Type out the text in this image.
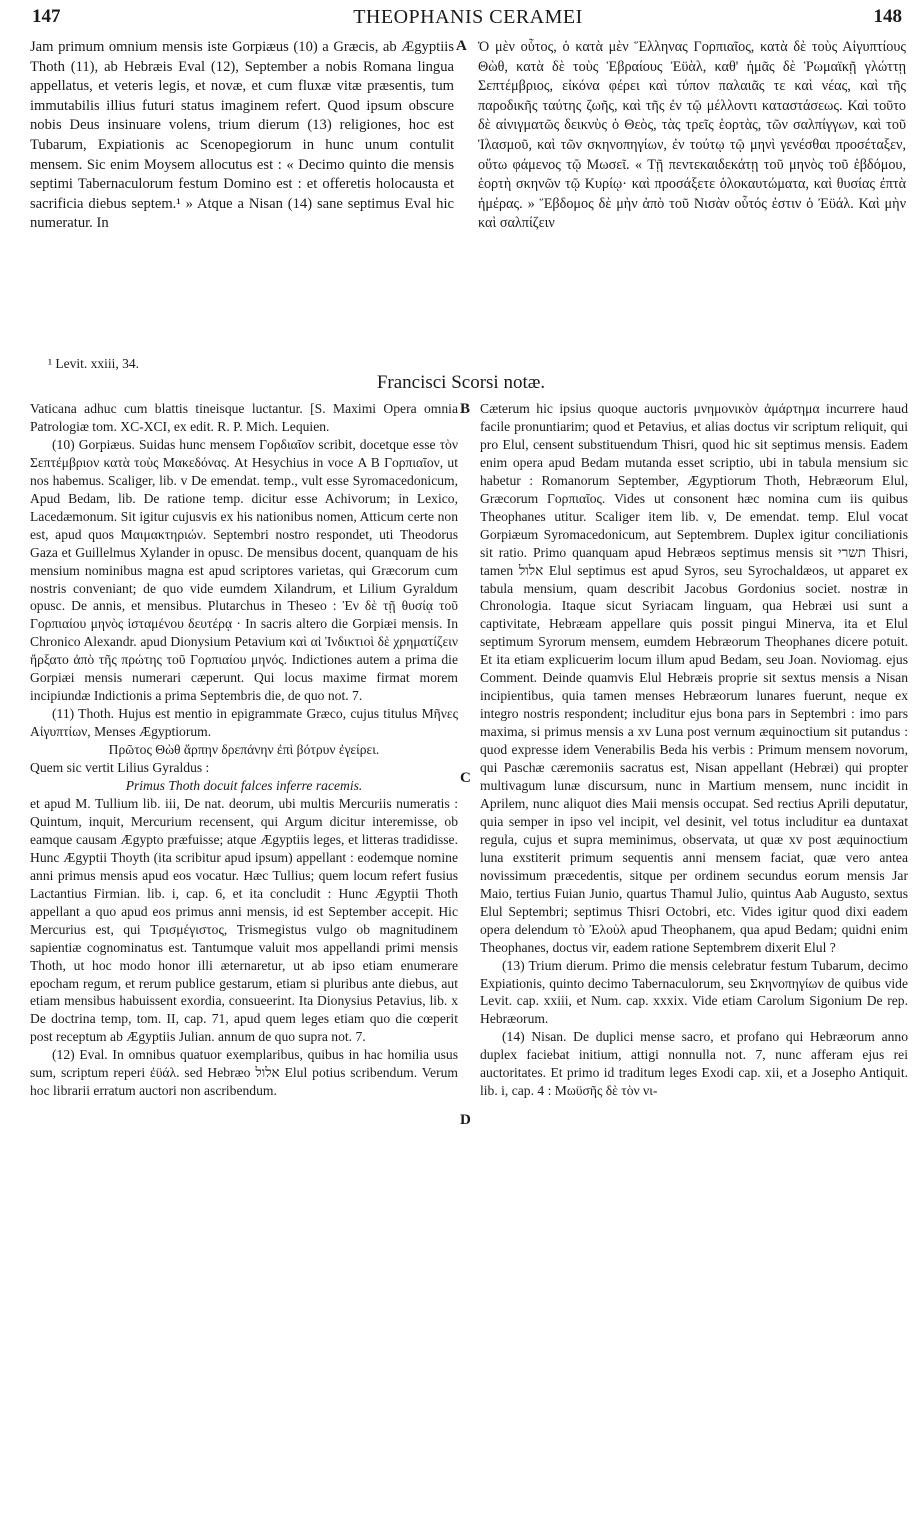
147	THEOPHANIS CERAMEI	148

Jam primum omnium mensis iste Gorpiæus (10) a Græcis, ab Ægyptiis Thoth (11), ab Hebræis Eval (12), September a nobis Romana lingua appellatus, et veteris legis, et novæ, et cum fluxæ vitæ præsentis, tum immutabilis illius futuri status imaginem refert. Quod ipsum obscure nobis Deus insinuare volens, trium dierum (13) religiones, hoc est Tubarum, Expiationis ac Scenopegiorum in hunc unum contulit mensem. Sic enim Moysem allocutus est : « Decimo quinto die mensis septimi Tabernaculorum festum Domino est : et offeretis holocausta et sacrificia diebus septem.¹ » Atque a Nisan (14) sane septimus Eval hic numeratur. In

A Ὁ μὲν οὗτος, ὁ κατὰ μὲν Ἕλληνας Γορπιαῖος, κατὰ δὲ τοὺς Αἰγυπτίους Θὼθ, κατὰ δὲ τοὺς Ἑβραίους Ἐϋὰλ, καθ' ἡμᾶς δὲ Ῥωμαϊκῇ γλώττῃ Σεπτέμβριος, εἰκόνα φέρει καὶ τύπον παλαιᾶς τε καὶ νέας, καὶ τῆς παροδικῆς ταύτης ζωῆς, καὶ τῆς ἐν τῷ μέλλοντι καταστάσεως. Καὶ τοῦτο δὲ αἰνιγματῶς δεικνὺς ὁ Θεὸς, τὰς τρεῖς ἑορτὰς, τῶν σαλπίγγων, καὶ τοῦ Ἱλασμοῦ, καὶ τῶν σκηνοπηγίων, ἐν τούτῳ τῷ μηνὶ γενέσθαι προσέταξεν, οὕτω φάμενος τῷ Μωσεῖ. « Τῇ πεντεκαιδεκάτῃ τοῦ μηνὸς τοῦ ἑβδόμου, ἑορτὴ σκηνῶν τῷ Κυρίῳ· καὶ προσάξετε ὁλοκαυτώματα, καὶ θυσίας ἐπτὰ ἡμέρας. » Ἕβδομος δὲ μὴν ἀπὸ τοῦ Νισὰν οὗτός ἐστιν ὁ Ἐϋάλ. Καὶ μὴν καὶ σαλπίζειν

¹ Levit. xxiii, 34.
Francisci Scorsi notæ.

Vaticana adhuc cum blattis tineisque luctantur. [S. Maximi Opera omnia Patrologiæ tom. XC-XCI, ex edit. R. P. Mich. Lequien.

(10) Gorpiæus. Suidas hunc mensem Γορδιαῖον scribit, docetque esse τὸν Σεπτέμβριον κατὰ τοὺς Μακεδόνας. At Hesychius in voce Α Β Γορπιαῖον, ut nos habemus. Scaliger, lib. v De emendat. temp., vult esse Syromacedonicum, Apud Bedam, lib. De ratione temp. dicitur esse Achivorum; in Lexico, Lacedæmonum. Sit igitur cujusvis ex his nationibus nomen, Atticum certe non est, apud quos Μαιμακτηριών. Septembri nostro respondet, uti Theodorus Gaza et Guillelmus Xylander in opusc. De mensibus docent, quanquam de his mensium nominibus magna est apud scriptores varietas, qui Græcorum cum nostris conveniant; de quo vide eumdem Xilandrum, et Lilium Gyraldum opusc. De annis, et mensibus. Plutarchus in Theseo : Ἐν δὲ τῇ θυσίᾳ τοῦ Γορπιαίου μηνὸς ἱσταμένου δευτέρᾳ · In sacris altero die Gorpiæi mensis. In Chronico Alexandr. apud Dionysium Petavium καὶ αἱ Ἰνδικτιοὶ δὲ χρηματίζειν ἤρξατο ἀπὸ τῆς πρώτης τοῦ Γορπιαίου μηνός. Indictiones autem a prima die Gorpiæi mensis numerari cæperunt. Qui locus maxime firmat morem incipiundæ Indictionis a prima Septembris die, de quo not. 7.

(11) Thoth. Hujus est mentio in epigrammate Græco, cujus titulus Μῆνες Αἰγυπτίων, Menses Ægyptiorum.

Πρῶτος Θὼθ ἅρπην δρεπάνην ἐπὶ βότρυν ἐγείρει.

Quem sic vertit Lilius Gyraldus :

Primus Thoth docuit falces inferre racemis.

et apud M. Tullium lib. iii, De nat. deorum, ubi multis Mercuriis numeratis : Quintum, inquit, Mercurium recensent, qui Argum dicitur interemisse, ob eamque causam Ægypto præfuisse; atque Ægyptiis leges, et litteras tradidisse. Hunc Ægyptii Thoyth (ita scribitur apud ipsum) appellant : eodemque nomine anni primus mensis apud eos vocatur. Hæc Tullius; quem locum refert fusius Lactantius Firmian. lib. i, cap. 6, et ita concludit : Hunc Ægyptii Thoth appellant a quo apud eos primus anni mensis, id est September accepit. Hic Mercurius est, qui Τρισμέγιστος, Trismegistus vulgo ob magnitudinem sapientiæ cognominatus est. Tantumque valuit mos appellandi primi mensis Thoth, ut hoc modo honor illi æternaretur, ut ab ipso etiam enumerare epocham regum, et rerum publice gestarum, etiam si pluribus ante diebus, aut etiam mensibus habuissent exordia, consueerint. Ita Dionysius Petavius, lib. x De doctrina temp, tom. II, cap. 71, apud quem leges etiam quo die cœperit post receptum ab Ægyptiis Julian. annum de quo supra not. 7.

(12) Eval. In omnibus quatuor exemplaribus, quibus in hac homilia usus sum, scriptum reperi ἐϋάλ. sed Hebræo אלול Elul potius scribendum. Verum hoc librarii erratum auctori non ascribendum.

B
C
D

Cæterum hic ipsius quoque auctoris μνημονικὸν ἁμάρτημα incurrere haud facile pronuntiarim; quod et Petavius, et alias doctus vir scriptum reliquit, qui pro Elul, censent substituendum Thisri, quod hic sit septimus mensis. Eadem enim opera apud Bedam mutanda esset scriptio, ubi in tabula mensium sic habetur : Romanorum September, Ægyptiorum Thoth, Hebræorum Elul, Græcorum Γορπιαῖος. Vides ut consonent hæc nomina cum iis quibus Theophanes utitur. Scaliger item lib. v, De emendat. temp. Elul vocat Gorpiæum Syromacedonicum, aut Septembrem. Duplex igitur conciliationis sit ratio. Primo quanquam apud Hebræos septimus mensis sit תשרי Thisri, tamen אלול Elul septimus est apud Syros, seu Syrochaldæos, ut apparet ex tabula mensium, quam describit Jacobus Gordonius societ. nostræ in Chronologia. Itaque sicut Syriacam linguam, qua Hebræi usi sunt a captivitate, Hebræam appellare quis possit pingui Minerva, ita et Elul septimum Syrorum mensem, eumdem Hebræorum Theophanes dicere potuit. Et ita etiam explicuerim locum illum apud Bedam, seu Joan. Noviomag. ejus Comment. Deinde quamvis Elul Hebræis proprie sit sextus mensis a Nisan incipientibus, quia tamen menses Hebræorum lunares fuerunt, neque ex integro nostris respondent; includitur ejus bona pars in Septembri : imo pars maxima, si primus mensis a xv Luna post vernum æquinoctium sit putandus : quod expresse idem Venerabilis Beda his verbis : Primum mensem novorum, qui Paschæ cæremoniis sacratus est, Nisan appellant (Hebræi) qui propter multivagum lunæ discursum, nunc in Martium mensem, nunc incidit in Aprilem, nunc aliquot dies Maii mensis occupat. Sed rectius Aprili deputatur, quia semper in ipso vel incipit, vel desinit, vel totus includitur ea duntaxat regula, cujus et supra meminimus, observata, ut quæ xv post æquinoctium luna exstiterit primum sequentis anni mensem faciat, quæ vero antea novissimum præcedentis, sitque per ordinem secundus eorum mensis Jar Maio, tertius Fuian Junio, quartus Thamul Julio, quintus Aab Augusto, sextus Elul Septembri; septimus Thisri Octobri, etc. Vides igitur quod dixi eadem opera delendum τὸ Ἐλοὺλ apud Theophanem, qua apud Bedam; quidni enim Theophanes, doctus vir, eadem ratione Septembrem dixerit Elul ?

(13) Trium dierum. Primo die mensis celebratur festum Tubarum, decimo Expiationis, quinto decimo Tabernaculorum, seu Σκηνοπηγίων de quibus vide Levit. cap. xxiii, et Num. cap. xxxix. Vide etiam Carolum Sigonium De rep. Hebræorum.

(14) Nisan. De duplici mense sacro, et profano qui Hebræorum anno duplex faciebat initium, attigi nonnulla not. 7, nunc afferam ejus rei auctoritates. Et primo id traditum leges Exodi cap. xii, et a Josepho Antiquit. lib. i, cap. 4 : Μωϋσῆς δὲ τὸν νι-
